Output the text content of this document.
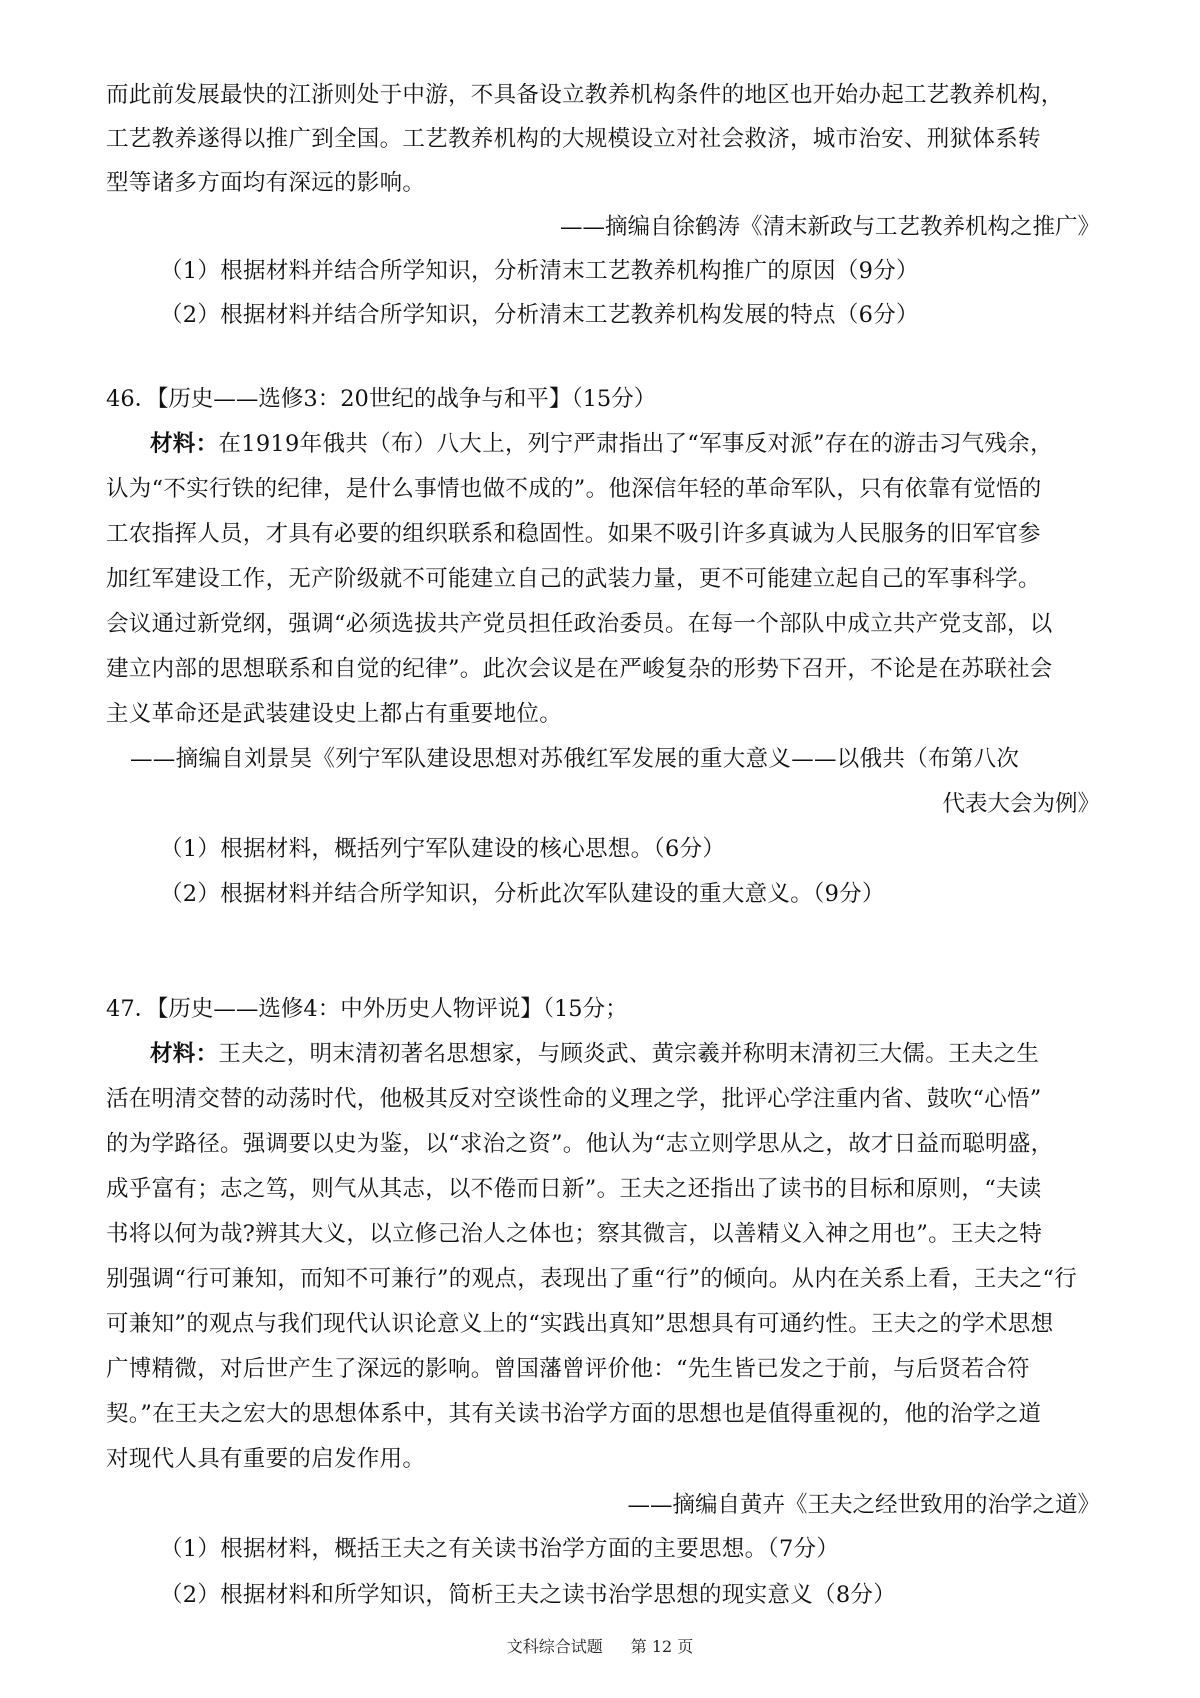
而此前发展最快的江浙则处于中游，不具备设立教养机构条件的地区也开始办起工艺教养机构，
工艺教养遂得以推广到全国。工艺教养机构的大规模设立对社会救济，城市治安、刑狱体系转
型等诸多方面均有深远的影响。
——摘编自徐鹤涛《清末新政与工艺教养机构之推广》
（1）根据材料并结合所学知识，分析清末工艺教养机构推广的原因（9分）
（2）根据材料并结合所学知识，分析清末工艺教养机构发展的特点（6分）
46．【历史——选修3：20世纪的战争与和平】（15分）
材料：在1919年俄共（布）八大上，列宁严肃指出了“军事反对派”存在的游击习气残余，
认为“不实行铁的纪律，是什么事情也做不成的”。他深信年轻的革命军队，只有依靠有觉悟的
工农指挥人员，才具有必要的组织联系和稳固性。如果不吸引许多真诚为人民服务的旧军官参
加红军建设工作，无产阶级就不可能建立自己的武装力量，更不可能建立起自己的军事科学。
会议通过新党纲，强调“必须选拔共产党员担任政治委员。在每一个部队中成立共产党支部，以
建立内部的思想联系和自觉的纪律”。此次会议是在严峻复杂的形势下召开，不论是在苏联社会
主义革命还是武装建设史上都占有重要地位。
——摘编自刘景昊《列宁军队建设思想对苏俄红军发展的重大意义——以俄共（布第八次
代表大会为例》
（1）根据材料，概括列宁军队建设的核心思想。（6分）
（2）根据材料并结合所学知识，分析此次军队建设的重大意义。（9分）
47．【历史——选修4：中外历史人物评说】（15分；
材料：王夫之，明末清初著名思想家，与顾炎武、黄宗羲并称明末清初三大儒。王夫之生
活在明清交替的动荡时代，他极其反对空谈性命的义理之学，批评心学注重内省、鼓吹“心悟”
的为学路径。强调要以史为鉴，以“求治之资”。他认为“志立则学思从之，故才日益而聪明盛，
成乎富有；志之笃，则气从其志，以不倦而日新”。王夫之还指出了读书的目标和原则，“夫读
书将以何为哉?辨其大义，以立修己治人之体也；察其微言，以善精义入神之用也”。王夫之特
别强调“行可兼知，而知不可兼行”的观点，表现出了重“行”的倾向。从内在关系上看，王夫之“行
可兼知”的观点与我们现代认识论意义上的“实践出真知”思想具有可通约性。王夫之的学术思想
广博精微，对后世产生了深远的影响。曾国藩曾评价他：“先生皆已发之于前，与后贤若合符
契。”在王夫之宏大的思想体系中，其有关读书治学方面的思想也是值得重视的，他的治学之道
对现代人具有重要的启发作用。
——摘编自黄卉《王夫之经世致用的治学之道》
（1）根据材料，概括王夫之有关读书治学方面的主要思想。（7分）
（2）根据材料和所学知识，简析王夫之读书治学思想的现实意义（8分）
文科综合试题 第 12 页
